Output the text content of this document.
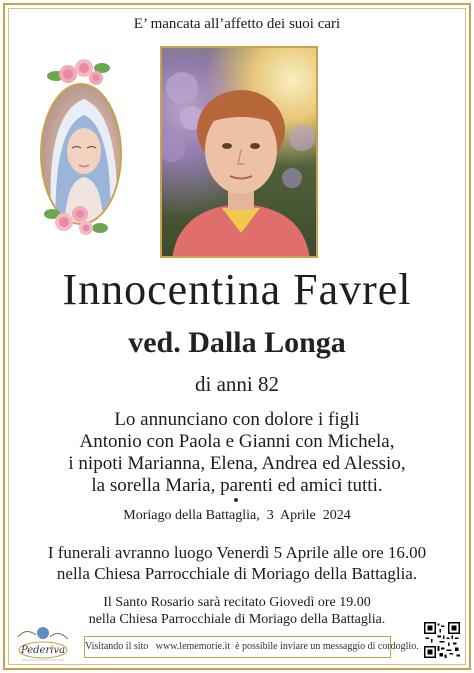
E’ mancata all’affetto dei suoi cari
Innocentina Favrel
ved. Dalla Longa
di anni 82
Lo annunciano con dolore i figli
Antonio con Paola e Gianni con Michela,
i nipoti Marianna, Elena, Andrea ed Alessio,
la sorella Maria, parenti ed amici tutti.
Moriago della Battaglia,  3  Aprile  2024
I funerali avranno luogo Venerdì 5 Aprile alle ore 16.00
nella Chiesa Parrocchiale di Moriago della Battaglia.
Il Santo Rosario sarà recitato Giovedì ore 19.00
nella Chiesa Parrocchiale di Moriago della Battaglia.
Pederiva Visitando il sito   www.lememorie.it  è possibile inviare un messaggio di cordoglio.
